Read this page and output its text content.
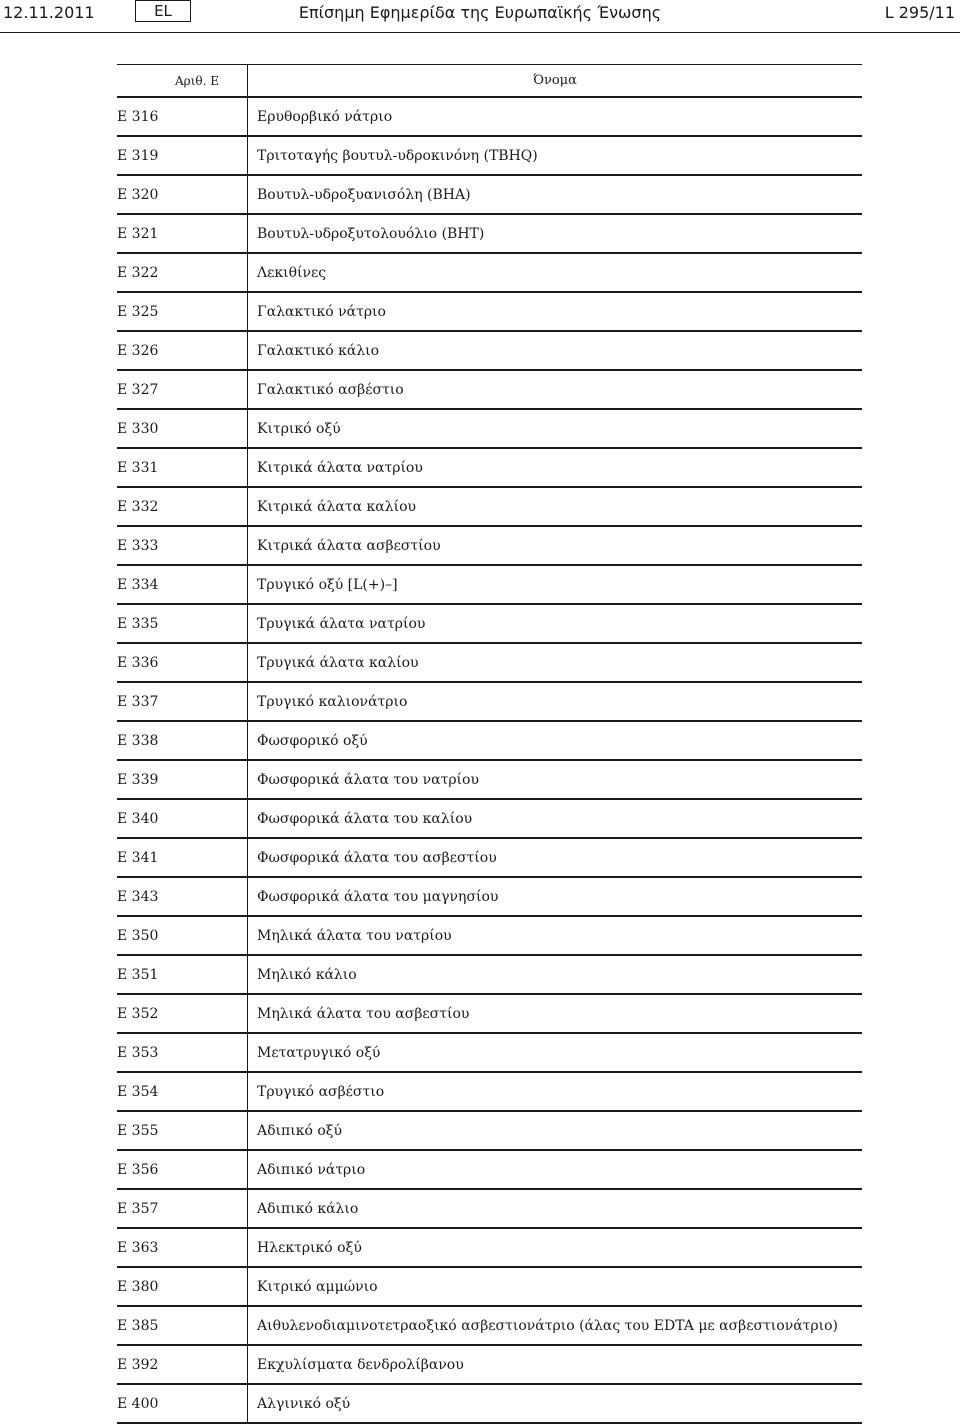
12.11.2011	EL	Επίσημη Εφημερίδα της Ευρωπαϊκής Ένωσης	L 295/11
Αριθ. Ε	Όνομα
E 316	Ερυθορβικό νάτριο
E 319	Τριτοταγής βουτυλ-υδροκινόνη (TBHQ)
E 320	Βουτυλ-υδροξυανισόλη (BHA)
E 321	Βουτυλ-υδροξυτολουόλιο (BHT)
E 322	Λεκιθίνες
E 325	Γαλακτικό νάτριο
E 326	Γαλακτικό κάλιο
E 327	Γαλακτικό ασβέστιο
E 330	Κιτρικό οξύ
E 331	Κιτρικά άλατα νατρίου
E 332	Κιτρικά άλατα καλίου
E 333	Κιτρικά άλατα ασβεστίου
E 334	Τρυγικό οξύ [L(+)–]
E 335	Τρυγικά άλατα νατρίου
E 336	Τρυγικά άλατα καλίου
E 337	Τρυγικό καλιονάτριο
E 338	Φωσφορικό οξύ
E 339	Φωσφορικά άλατα του νατρίου
E 340	Φωσφορικά άλατα του καλίου
E 341	Φωσφορικά άλατα του ασβεστίου
E 343	Φωσφορικά άλατα του μαγνησίου
E 350	Μηλικά άλατα του νατρίου
E 351	Μηλικό κάλιο
E 352	Μηλικά άλατα του ασβεστίου
E 353	Μετατρυγικό οξύ
E 354	Τρυγικό ασβέστιο
E 355	Αδιπικό οξύ
E 356	Αδιπικό νάτριο
E 357	Αδιπικό κάλιο
E 363	Ηλεκτρικό οξύ
E 380	Κιτρικό αμμώνιο
E 385	Αιθυλενοδιαμινοτετραοξικό ασβεστιονάτριο (άλας του EDTA με ασβεστιονάτριο)
E 392	Εκχυλίσματα δενδρολίβανου
E 400	Αλγινικό οξύ
